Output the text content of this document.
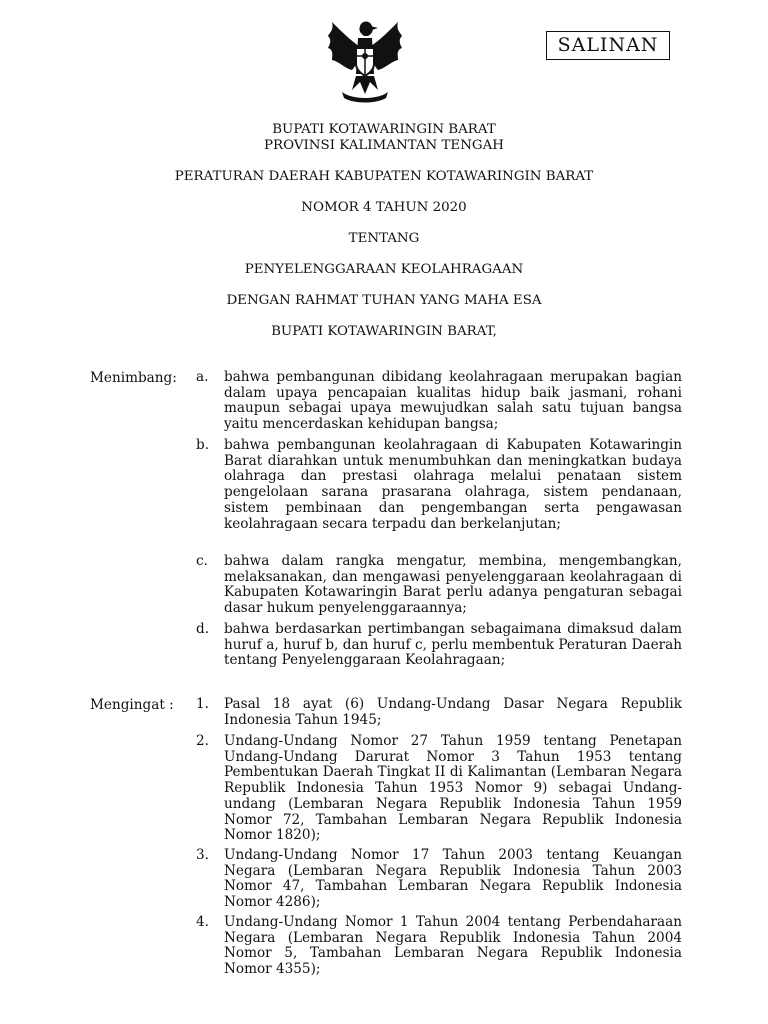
SALINAN
BUPATI KOTAWARINGIN BARAT
PROVINSI KALIMANTAN TENGAH
PERATURAN DAERAH KABUPATEN KOTAWARINGIN BARAT
NOMOR 4 TAHUN 2020
TENTANG
PENYELENGGARAAN KEOLAHRAGAAN
DENGAN RAHMAT TUHAN YANG MAHA ESA
BUPATI KOTAWARINGIN BARAT,
Menimbang: a.	bahwa pembangunan dibidang keolahragaan merupakan bagian dalam upaya pencapaian kualitas hidup baik jasmani, rohani maupun sebagai upaya mewujudkan salah satu tujuan bangsa yaitu mencerdaskan kehidupan bangsa;
b.	bahwa pembangunan keolahragaan di Kabupaten Kotawaringin Barat diarahkan untuk menumbuhkan dan meningkatkan budaya olahraga dan prestasi olahraga melalui penataan sistem pengelolaan sarana prasarana olahraga, sistem pendanaan, sistem pembinaan dan pengembangan serta pengawasan keolahragaan secara terpadu dan berkelanjutan;
c.	bahwa dalam rangka mengatur, membina, mengembangkan, melaksanakan, dan mengawasi penyelenggaraan keolahragaan di Kabupaten Kotawaringin Barat perlu adanya pengaturan sebagai dasar hukum penyelenggaraannya;
d.	bahwa berdasarkan pertimbangan sebagaimana dimaksud dalam huruf a, huruf b, dan huruf c, perlu membentuk Peraturan Daerah tentang Penyelenggaraan Keolahragaan;
Mengingat : 1.	Pasal 18 ayat (6) Undang-Undang Dasar Negara Republik Indonesia Tahun 1945;
2.	Undang-Undang Nomor 27 Tahun 1959 tentang Penetapan Undang-Undang Darurat Nomor 3 Tahun 1953 tentang Pembentukan Daerah Tingkat II di Kalimantan (Lembaran Negara Republik Indonesia Tahun 1953 Nomor 9) sebagai Undang-undang (Lembaran Negara Republik Indonesia Tahun 1959 Nomor 72, Tambahan Lembaran Negara Republik Indonesia Nomor 1820);
3.	Undang-Undang Nomor 17 Tahun 2003 tentang Keuangan Negara (Lembaran Negara Republik Indonesia Tahun 2003 Nomor 47, Tambahan Lembaran Negara Republik Indonesia Nomor 4286);
4.	Undang-Undang Nomor 1 Tahun 2004 tentang Perbendaharaan Negara (Lembaran Negara Republik Indonesia Tahun 2004 Nomor 5, Tambahan Lembaran Negara Republik Indonesia Nomor 4355);
